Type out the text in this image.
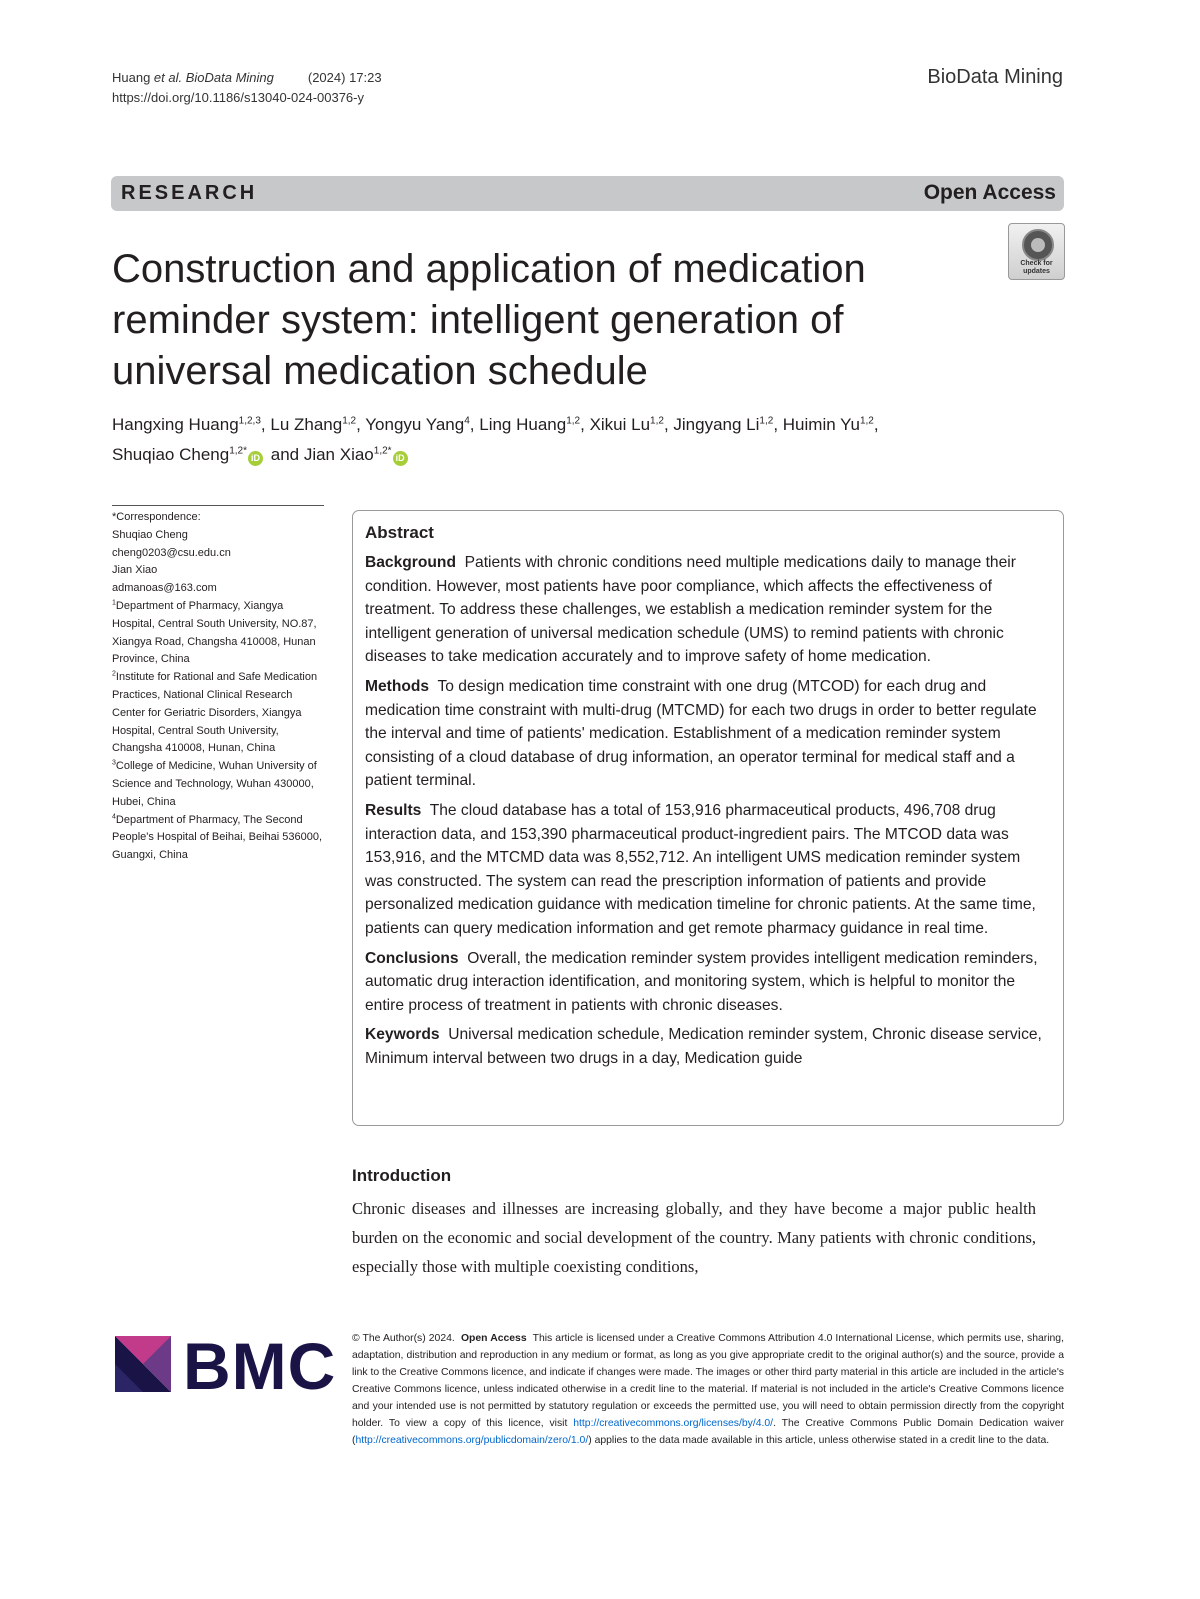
Huang et al. BioData Mining	(2024) 17:23
https://doi.org/10.1186/s13040-024-00376-y
BioData Mining
RESEARCH	Open Access
Check for
updates
Construction and application of medication reminder system: intelligent generation of universal medication schedule
Hangxing Huang$^{1,2,3}$, Lu Zhang$^{1,2}$, Yongyu Yang$^4$, Ling Huang$^{1,2}$, Xikui Lu$^{1,2}$, Jingyang Li$^{1,2}$, Huimin Yu$^{1,2}$,
Shuqiao Cheng$^{1,2*}$iD and Jian Xiao$^{1,2*}$iD

*Correspondence:

Shuqiao Cheng

cheng0203@csu.edu.cn

Jian Xiao

admanoas@163.com

$^1$Department of Pharmacy, Xiangya Hospital, Central South University, NO.87, Xiangya Road, Changsha 410008, Hunan Province, China

$^2$Institute for Rational and Safe Medication Practices, National Clinical Research Center for Geriatric Disorders, Xiangya Hospital, Central South University, Changsha 410008, Hunan, China

$^3$College of Medicine, Wuhan University of Science and Technology, Wuhan 430000, Hubei, China

$^4$Department of Pharmacy, The Second People's Hospital of Beihai, Beihai 536000, Guangxi, China

Abstract

Background Patients with chronic conditions need multiple medications daily to manage their condition. However, most patients have poor compliance, which affects the effectiveness of treatment. To address these challenges, we establish a medication reminder system for the intelligent generation of universal medication schedule (UMS) to remind patients with chronic diseases to take medication accurately and to improve safety of home medication.

Methods To design medication time constraint with one drug (MTCOD) for each drug and medication time constraint with multi-drug (MTCMD) for each two drugs in order to better regulate the interval and time of patients' medication. Establishment of a medication reminder system consisting of a cloud database of drug information, an operator terminal for medical staff and a patient terminal.

Results The cloud database has a total of 153,916 pharmaceutical products, 496,708 drug interaction data, and 153,390 pharmaceutical product-ingredient pairs. The MTCOD data was 153,916, and the MTCMD data was 8,552,712. An intelligent UMS medication reminder system was constructed. The system can read the prescription information of patients and provide personalized medication guidance with medication timeline for chronic patients. At the same time, patients can query medication information and get remote pharmacy guidance in real time.

Conclusions Overall, the medication reminder system provides intelligent medication reminders, automatic drug interaction identification, and monitoring system, which is helpful to monitor the entire process of treatment in patients with chronic diseases.

Keywords Universal medication schedule, Medication reminder system, Chronic disease service, Minimum interval between two drugs in a day, Medication guide

Introduction
Chronic diseases and illnesses are increasing globally, and they have become a major public health burden on the economic and social development of the country. Many patients with chronic conditions, especially those with multiple coexisting conditions,
BMC © The Author(s) 2024. Open Access This article is licensed under a Creative Commons Attribution 4.0 International License, which permits use, sharing, adaptation, distribution and reproduction in any medium or format, as long as you give appropriate credit to the original author(s) and the source, provide a link to the Creative Commons licence, and indicate if changes were made. The images or other third party material in this article are included in the article's Creative Commons licence, unless indicated otherwise in a credit line to the material. If material is not included in the article's Creative Commons licence and your intended use is not permitted by statutory regulation or exceeds the permitted use, you will need to obtain permission directly from the copyright holder. To view a copy of this licence, visit http://creativecommons.org/licenses/by/4.0/. The Creative Commons Public Domain Dedication waiver (http://creativecommons.org/publicdomain/zero/1.0/) applies to the data made available in this article, unless otherwise stated in a credit line to the data.
